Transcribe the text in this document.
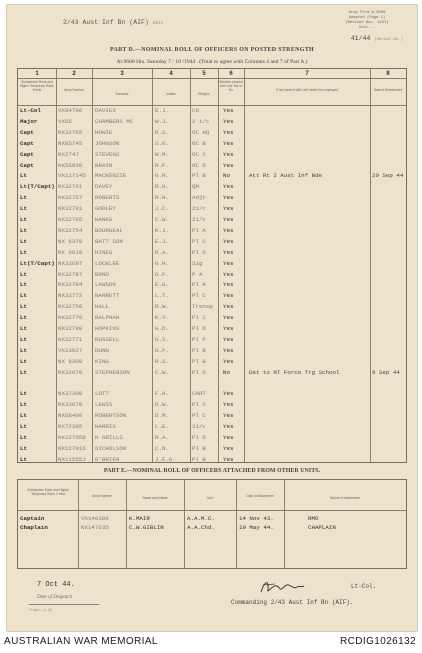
2/43 Aust Inf Bn (AIF) Unit
Army Form W.3008
Adapted (Page 2)
(Revised Nov. 1942)
Unit...
41/44 (Serial No.)
PART D.—NOMINAL ROLL OF OFFICERS ON POSTED STRENGTH
At 0600 Hrs. Saturday 7 / 10 /1944 . (Total to agree with Columns 4 and 7 of Part A.)
1	2	3	4	5	6	7	8
Substantive Rank and Higher Temporary Rank, if held	Army Number
Surname	Initials
Whether present with Unit Yes or No	If not present with Unit, state how employed	Date of Detachment
Religion
Lt-Col	VX84796 DAVIES	E.J.	CO	Yes
Major	VX55	CHAMBERS MC	W.J.	2 i/c Yes
Capt	NX32765 HOWIE	R.S.	OC HQ Yes
Capt	NX85745 JOHNSON	S.E.	OC B	Yes
Capt	NX2747	STEVENS	W.M.	OC C	Yes
Capt	NX56830 BRAIN	R.F.	OC D	Yes
Lt	VX117145 MACKENZIE	G.R.	Pl B	No	Att Rt 2 Aust Inf Bde	20 Sep 44
Lt(T/Capt) NX32761 DAVEY	R.H.	QM	Yes
Lt	NX32757 ROBERTS	R.H.	Adjt	Yes
Lt	NX32781 GODLEY	J.C.	2i/c	Yes
Lt	NX32765 HANKS	C.W.	2i/c	Yes
Lt	NX32754 BOURGEAL	K.J.	Pl A	Yes
Lt	NX 6370 BATT SON	E.J.	Pl C	Yes
Lt	NX 9618 HINES	R.A.	Pl D	Yes
Lt(T/Capt) NX32697 LOCKLEE	G.H.	Sig	Yes
Lt	NX32787 BOND	G.F.	P A	Yes
Lt	NX32794 LAWSON	E.G.	Pl A	Yes
Lt	NX32772 BARRETT	L.T.	Pl C	Yes
Lt	NX32758 HALL	R.W.	Transp Yes
Lt	NX32770 RALPHAN	K.V.	Pl C	Yes
Lt	NX32780 HOPKINS	G.D.	Pl D	Yes
Lt	NX32771 RUSSELL	G.S.	Pl F	Yes
Lt	VX13027 DUNN	G.F.	Pl B	Yes
Lt	NX 8309 KING	R.S.	Pl B	Yes
Lt	NX32070 STEPHENSON	C.W.	Pl D	No	Det to NT Force Trg School	9 Sep 44
Lt	NX37300 LOTT	F.H.	CART	Yes
Lt	NX33078 LEWIS	D.W.	Pl C	Yes
Lt	NX68408 ROBERTSON	D.M.	Pl C	Yes
Lt	NX72305 HARRIS	L.E.	2i/c	Yes
Lt	NX127058 H GRILLS	R.A.	Pl D	Yes
Lt	NX127016 NICHOLSON	C.N.	Pl B	Yes
Lt	NX115553 O'BRIEN	J.E.G.	Pl B	Yes
PART E.—NOMINAL ROLL OF OFFICERS ATTACHED FROM OTHER UNITS.
Substantive Rank and Higher Temporary Rank, if held	Army Number	Name and Initials	Unit	Date of Attachment	Nature of Attachment
Captain	VX146306	K.MAIR	A.A.M.C.	14 Nov 43.	RMO
Chaplain	NX147635	C.W.GIBLIN	A.A.Chd.	19 May 44.	CHAPLAIN
7 Oct 44.
Date of Despatch
Trans.—1-44
Lt-Col.
Commanding 2/43 Aust Inf Bn (AIF).
AUSTRALIAN WAR MEMORIAL	RCDIG1026132
